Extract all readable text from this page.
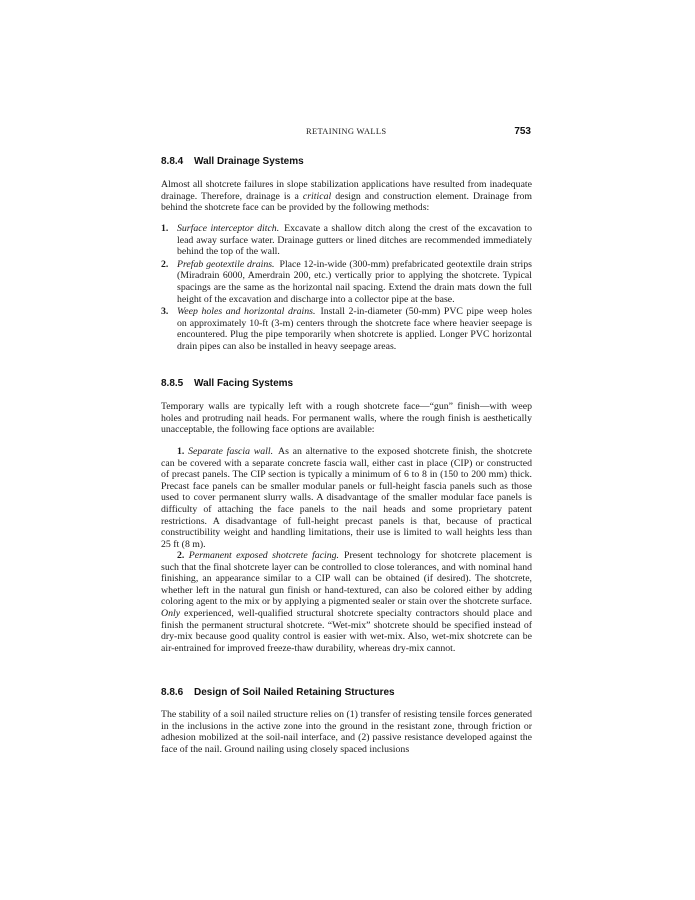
RETAINING WALLS	753
8.8.4 Wall Drainage Systems

Almost all shotcrete failures in slope stabilization applications have resulted from inadequate drainage. Therefore, drainage is a critical design and construction element. Drainage from behind the shotcrete face can be provided by the following methods:

1. Surface interceptor ditch. Excavate a shallow ditch along the crest of the excavation to lead away surface water. Drainage gutters or lined ditches are recommended immediately behind the top of the wall.
2. Prefab geotextile drains. Place 12-in-wide (300-mm) prefabricated geotextile drain strips (Miradrain 6000, Amerdrain 200, etc.) vertically prior to applying the shotcrete. Typical spacings are the same as the horizontal nail spacing. Extend the drain mats down the full height of the excavation and discharge into a collector pipe at the base.
3. Weep holes and horizontal drains. Install 2-in-diameter (50-mm) PVC pipe weep holes on approximately 10-ft (3-m) centers through the shotcrete face where heavier seepage is encountered. Plug the pipe temporarily when shotcrete is applied. Longer PVC horizontal drain pipes can also be installed in heavy seepage areas.
8.8.5 Wall Facing Systems

Temporary walls are typically left with a rough shotcrete face—“gun” finish—with weep holes and protruding nail heads. For permanent walls, where the rough finish is aesthetically unacceptable, the following face options are available:

1. Separate fascia wall. As an alternative to the exposed shotcrete finish, the shotcrete can be covered with a separate concrete fascia wall, either cast in place (CIP) or constructed of precast panels. The CIP section is typically a minimum of 6 to 8 in (150 to 200 mm) thick. Precast face panels can be smaller modular panels or full-height fascia panels such as those used to cover permanent slurry walls. A disadvantage of the smaller modular face panels is difficulty of attaching the face panels to the nail heads and some proprietary patent restrictions. A disadvantage of full-height precast panels is that, because of practical constructibility weight and handling limitations, their use is limited to wall heights less than 25 ft (8 m).

2. Permanent exposed shotcrete facing. Present technology for shotcrete placement is such that the final shotcrete layer can be controlled to close tolerances, and with nominal hand finishing, an appearance similar to a CIP wall can be obtained (if desired). The shotcrete, whether left in the natural gun finish or hand-textured, can also be colored either by adding coloring agent to the mix or by applying a pigmented sealer or stain over the shotcrete surface. Only experienced, well-qualified structural shotcrete specialty contractors should place and finish the permanent structural shotcrete. “Wet-mix” shotcrete should be specified instead of dry-mix because good quality control is easier with wet-mix. Also, wet-mix shotcrete can be air-entrained for improved freeze-thaw durability, whereas dry-mix cannot.

8.8.6 Design of Soil Nailed Retaining Structures

The stability of a soil nailed structure relies on (1) transfer of resisting tensile forces generated in the inclusions in the active zone into the ground in the resistant zone, through friction or adhesion mobilized at the soil-nail interface, and (2) passive resistance developed against the face of the nail. Ground nailing using closely spaced inclusions
